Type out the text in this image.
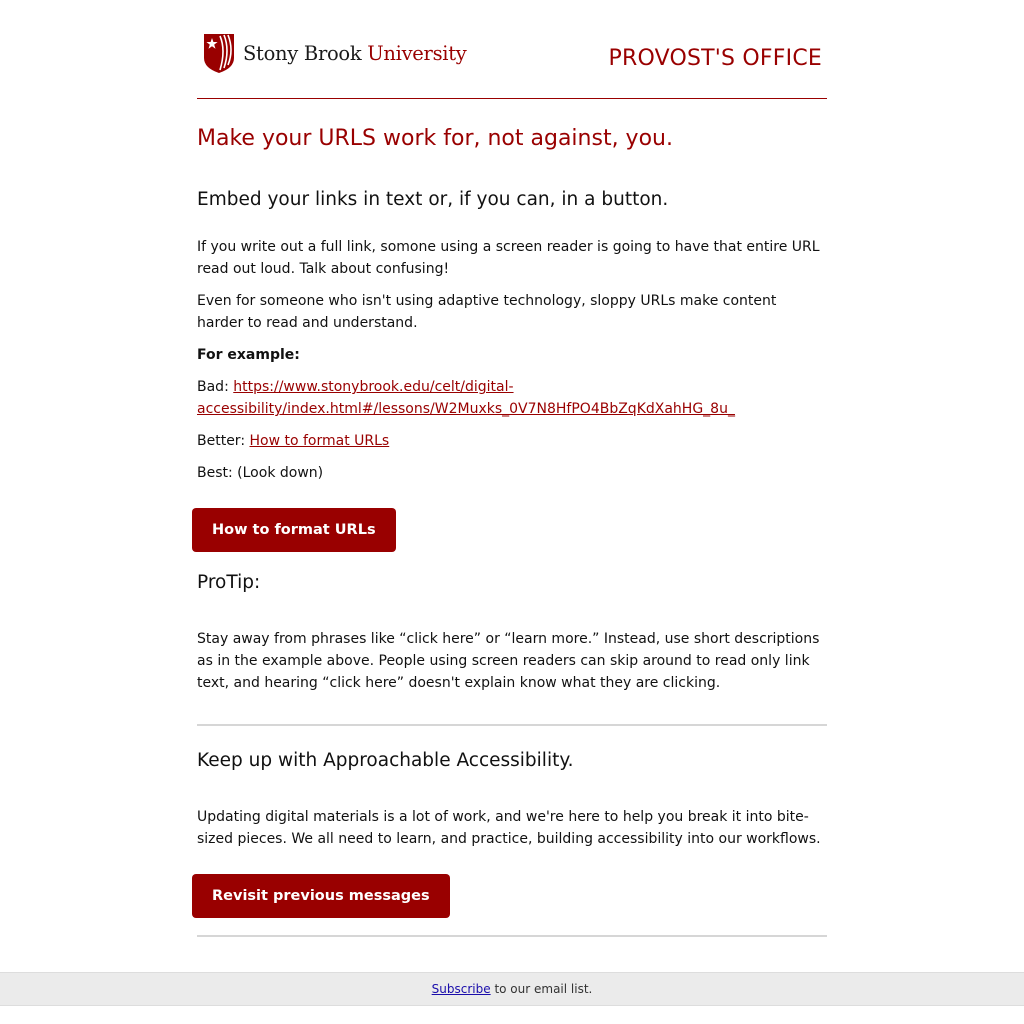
Stony Brook University	PROVOST'S OFFICE
Make your URLS work for, not against, you.
Embed your links in text or, if you can, in a button.
If you write out a full link, somone using a screen reader is going to have that entire URL read out loud. Talk about confusing!
Even for someone who isn't using adaptive technology, sloppy URLs make content harder to read and understand.
For example:
Bad: https://www.stonybrook.edu/celt/digital-
accessibility/index.html#/lessons/W2Muxks_0V7N8HfPO4BbZqKdXahHG_8u_
Better: How to format URLs
Best: (Look down)
How to format URLs
ProTip:
Stay away from phrases like “click here” or “learn more.” Instead, use short descriptions as in the example above. People using screen readers can skip around to read only link text, and hearing “click here” doesn't explain know what they are clicking.
Keep up with Approachable Accessibility.
Updating digital materials is a lot of work, and we're here to help you break it into bite-sized pieces. We all need to learn, and practice, building accessibility into our workflows.
Revisit previous messages
Subscribe to our email list.
